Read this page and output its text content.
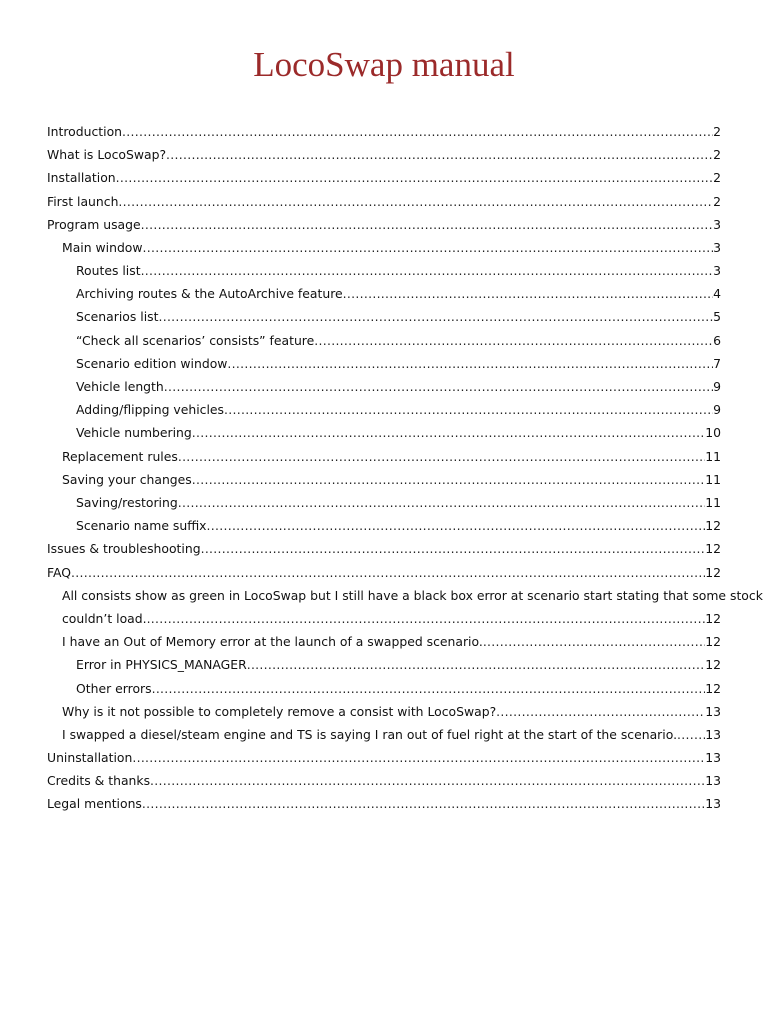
LocoSwap manual
Introduction .....	2
What is LocoSwap? .....	2
Installation .....	2
First launch .....	2
Program usage .....	3
Main window .....	3
Routes list .....	3
Archiving routes & the AutoArchive feature .....	4
Scenarios list .....	5
“Check all scenarios’ consists” feature .....	6
Scenario edition window .....	7
Vehicle length .....	9
Adding/flipping vehicles .....	9
Vehicle numbering .....	10
Replacement rules .....	11
Saving your changes .....	11
Saving/restoring .....	11
Scenario name suffix .....	12
Issues & troubleshooting .....	12
FAQ .....	12
All consists show as green in LocoSwap but I still have a black box error at scenario start stating that some stock
couldn’t load. .....	12
I have an Out of Memory error at the launch of a swapped scenario. .....	12
Error in PHYSICS_MANAGER .....	12
Other errors .....	12
Why is it not possible to completely remove a consist with LocoSwap? .....	13
I swapped a diesel/steam engine and TS is saying I ran out of fuel right at the start of the scenario. ..... 13
Uninstallation .....	13
Credits & thanks .....	13
Legal mentions .....	13
